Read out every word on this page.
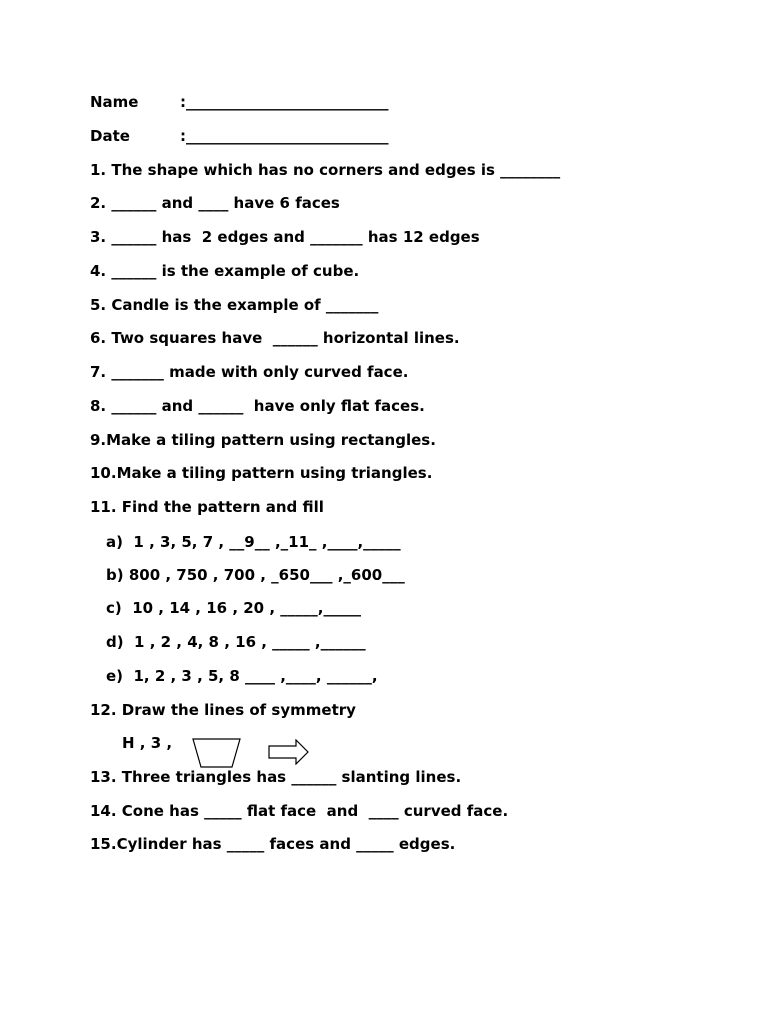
Name	:___________________________
Date	:___________________________
1. The shape which has no corners and edges is ________
2. ______ and ____ have 6 faces
3. ______ has  2 edges and _______ has 12 edges
4. ______ is the example of cube.
5. Candle is the example of _______
6. Two squares have  ______ horizontal lines.
7. _______ made with only curved face.
8. ______ and ______  have only flat faces.
9.Make a tiling pattern using rectangles.
10.Make a tiling pattern using triangles.
11. Find the pattern and fill
a)  1 , 3, 5, 7 , __9__ ,_11_ ,____,_____
b) 800 , 750 , 700 , _650___ ,_600___
c)  10 , 14 , 16 , 20 , _____,_____
d)  1 , 2 , 4, 8 , 16 , _____ ,______
e)  1, 2 , 3 , 5, 8 ____ ,____, ______,
12. Draw the lines of symmetry
H , 3 ,
13. Three triangles has ______ slanting lines.
14. Cone has _____ flat face  and  ____ curved face.
15.Cylinder has _____ faces and _____ edges.
